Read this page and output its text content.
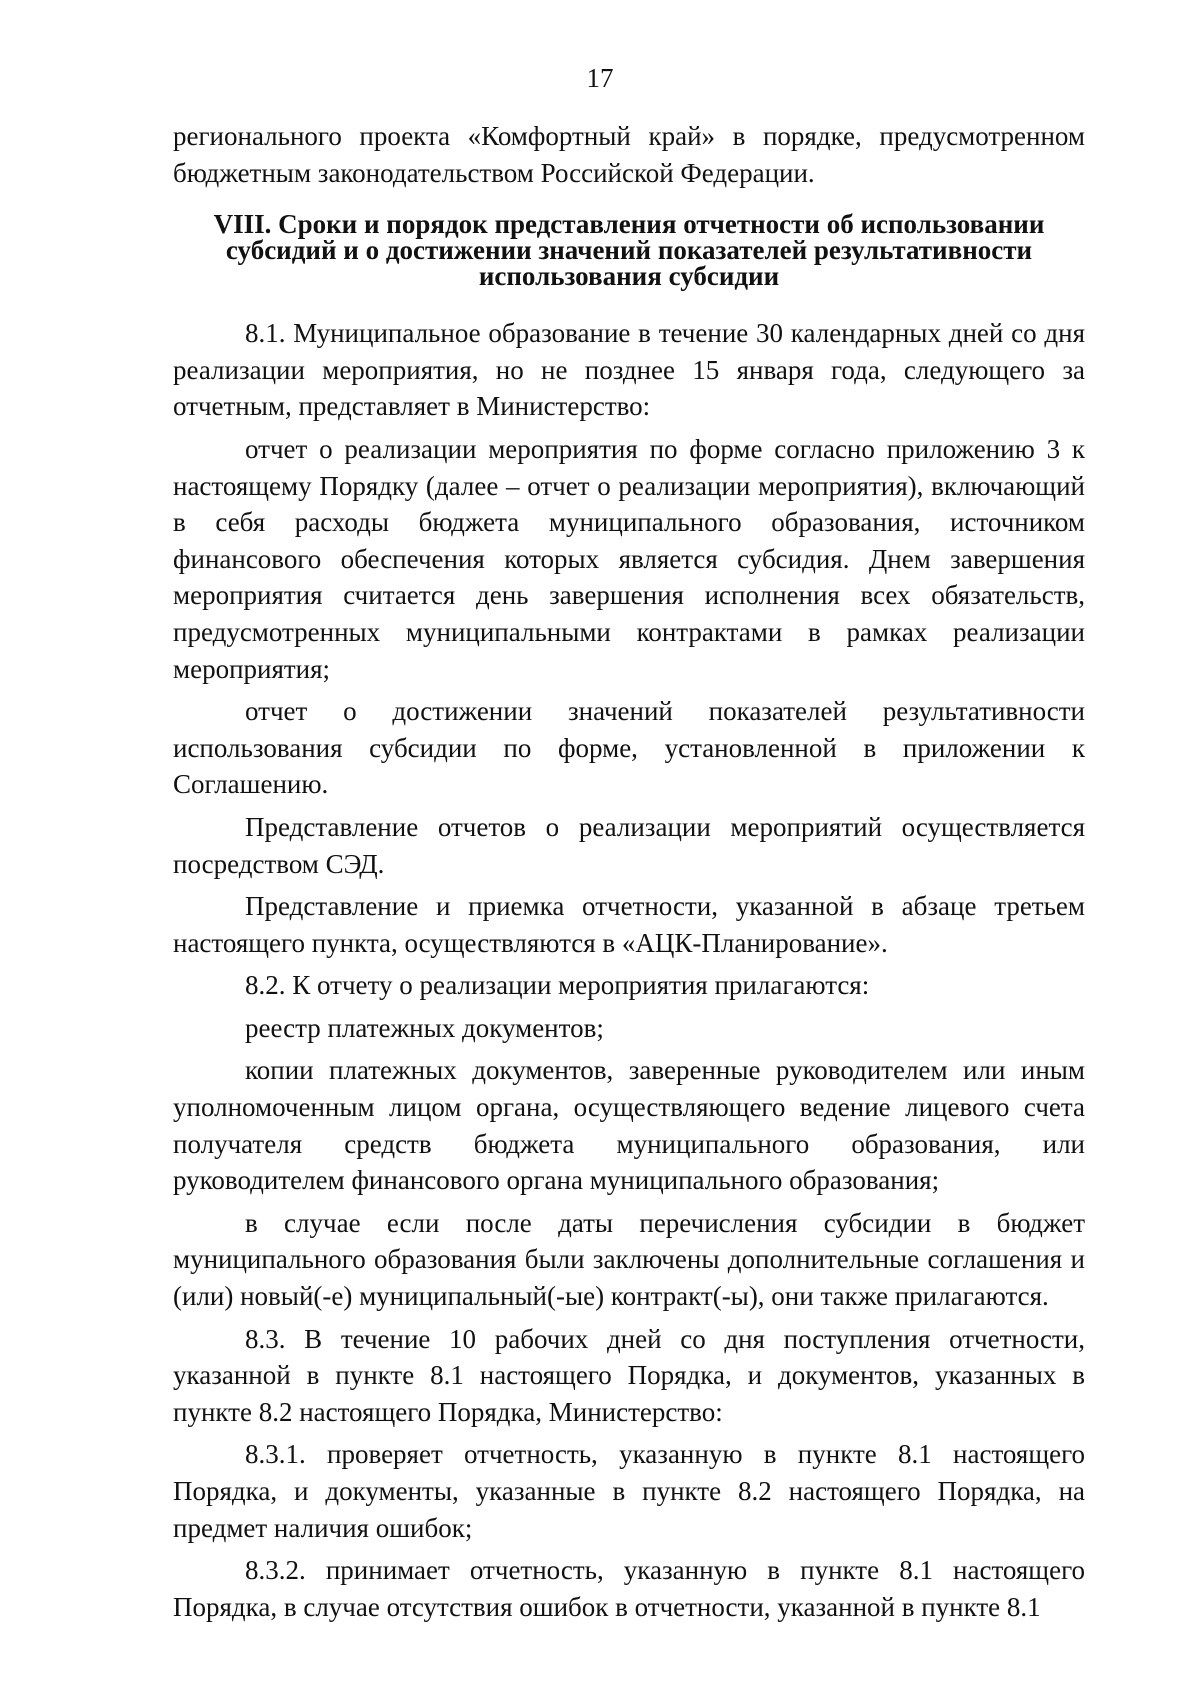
17

регионального проекта «Комфортный край» в порядке, предусмотренном бюджетным законодательством Российской Федерации.

VIII. Сроки и порядок представления отчетности об использовании
субсидий и о достижении значений показателей результативности
использования субсидии

8.1. Муниципальное образование в течение 30 календарных дней со дня реализации мероприятия, но не позднее 15 января года, следующего за отчетным, представляет в Министерство:

отчет о реализации мероприятия по форме согласно приложению 3 к настоящему Порядку (далее – отчет о реализации мероприятия), включающий в себя расходы бюджета муниципального образования, источником финансового обеспечения которых является субсидия. Днем завершения мероприятия считается день завершения исполнения всех обязательств, предусмотренных муниципальными контрактами в рамках реализации мероприятия;

отчет о достижении значений показателей результативности использования субсидии по форме, установленной в приложении к Соглашению.

Представление отчетов о реализации мероприятий осуществляется посредством СЭД.

Представление и приемка отчетности, указанной в абзаце третьем настоящего пункта, осуществляются в «АЦК-Планирование».

8.2. К отчету о реализации мероприятия прилагаются:

реестр платежных документов;

копии платежных документов, заверенные руководителем или иным уполномоченным лицом органа, осуществляющего ведение лицевого счета получателя средств бюджета муниципального образования, или руководителем финансового органа муниципального образования;

в случае если после даты перечисления субсидии в бюджет муниципального образования были заключены дополнительные соглашения и (или) новый(-е) муниципальный(-ые) контракт(-ы), они также прилагаются.

8.3. В течение 10 рабочих дней со дня поступления отчетности, указанной в пункте 8.1 настоящего Порядка, и документов, указанных в пункте 8.2 настоящего Порядка, Министерство:

8.3.1. проверяет отчетность, указанную в пункте 8.1 настоящего Порядка, и документы, указанные в пункте 8.2 настоящего Порядка, на предмет наличия ошибок;

8.3.2. принимает отчетность, указанную в пункте 8.1 настоящего Порядка, в случае отсутствия ошибок в отчетности, указанной в пункте 8.1
